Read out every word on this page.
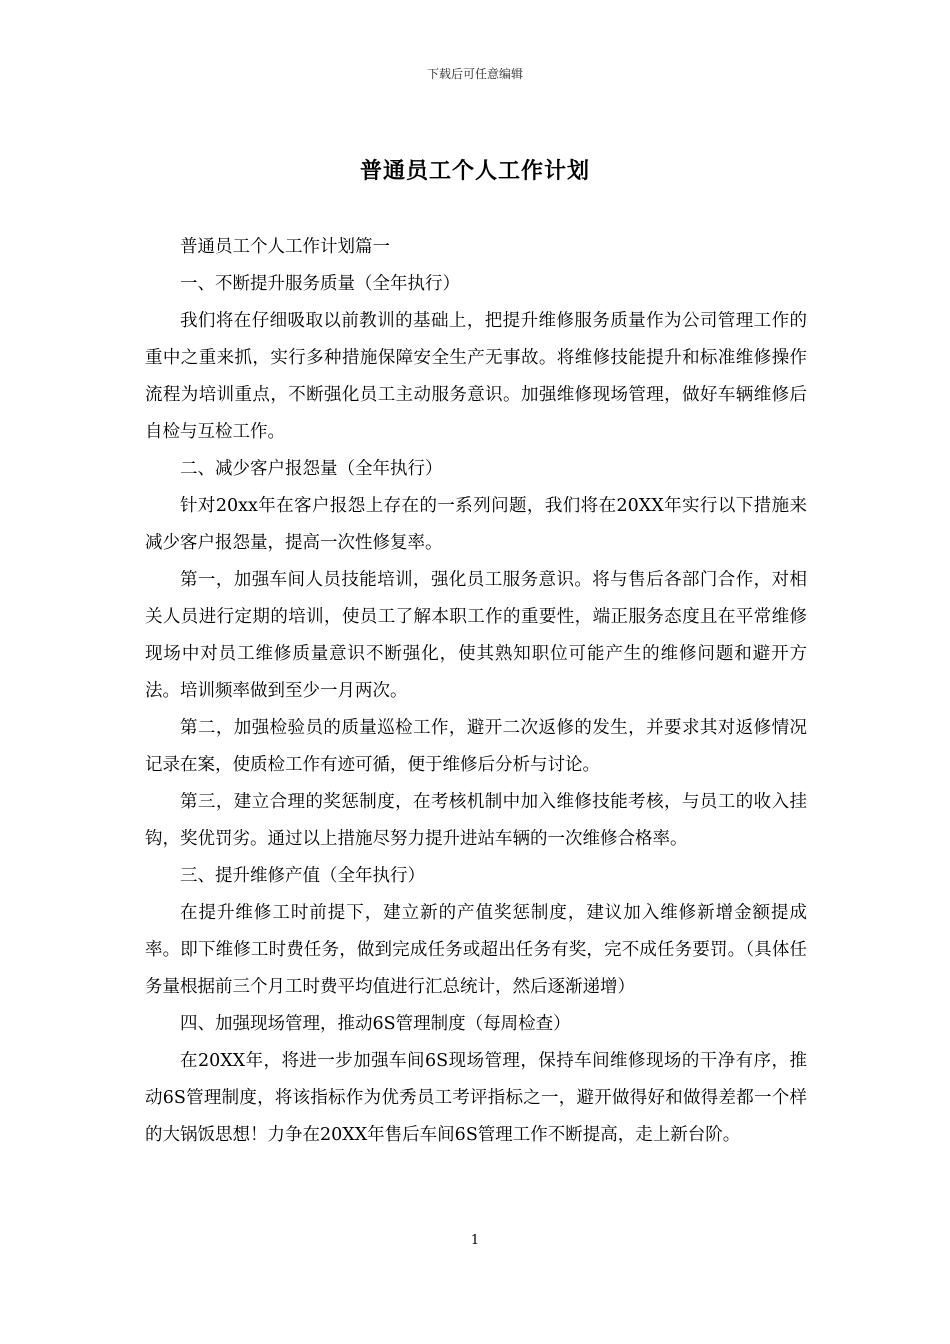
下载后可任意编辑
普通员工个人工作计划

普通员工个人工作计划篇一

一、不断提升服务质量（全年执行）

我们将在仔细吸取以前教训的基础上，把提升维修服务质量作为公司管理工作的重中之重来抓，实行多种措施保障安全生产无事故。将维修技能提升和标准维修操作流程为培训重点，不断强化员工主动服务意识。加强维修现场管理，做好车辆维修后自检与互检工作。

二、减少客户报怨量（全年执行）

针对20xx年在客户报怨上存在的一系列问题，我们将在20XX年实行以下措施来减少客户报怨量，提高一次性修复率。

第一，加强车间人员技能培训，强化员工服务意识。将与售后各部门合作，对相关人员进行定期的培训，使员工了解本职工作的重要性，端正服务态度且在平常维修现场中对员工维修质量意识不断强化，使其熟知职位可能产生的维修问题和避开方法。培训频率做到至少一月两次。

第二，加强检验员的质量巡检工作，避开二次返修的发生，并要求其对返修情况记录在案，使质检工作有迹可循，便于维修后分析与讨论。

第三，建立合理的奖惩制度，在考核机制中加入维修技能考核，与员工的收入挂钩，奖优罚劣。通过以上措施尽努力提升进站车辆的一次维修合格率。

三、提升维修产值（全年执行）

在提升维修工时前提下，建立新的产值奖惩制度，建议加入维修新增金额提成率。即下维修工时费任务，做到完成任务或超出任务有奖，完不成任务要罚。（具体任务量根据前三个月工时费平均值进行汇总统计，然后逐渐递增）

四、加强现场管理，推动6S管理制度（每周检查）

在20XX年，将进一步加强车间6S现场管理，保持车间维修现场的干净有序，推动6S管理制度，将该指标作为优秀员工考评指标之一，避开做得好和做得差都一个样的大锅饭思想！力争在20XX年售后车间6S管理工作不断提高，走上新台阶。

1
